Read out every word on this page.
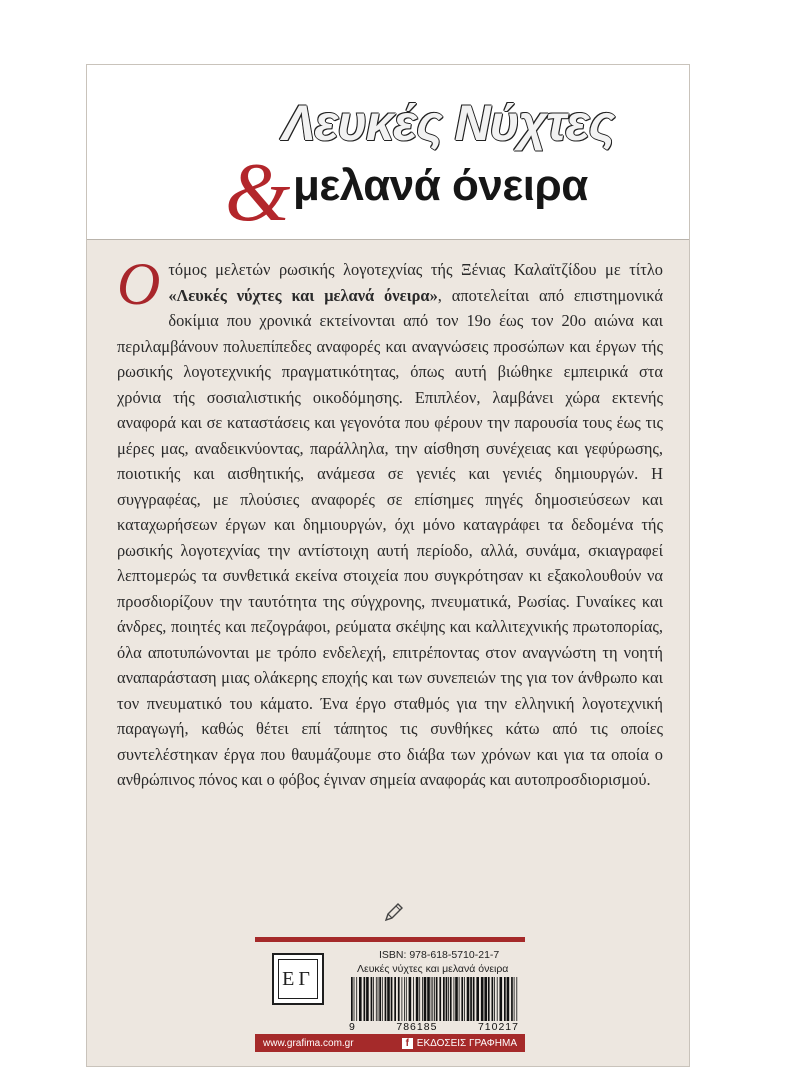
&
Λευκές Νύχτες
μελανά όνειρα

Ο τόμος μελετών ρωσικής λογοτεχνίας τής Ξένιας Καλαϊτζίδου με τίτλο «Λευκές νύχτες και μελανά όνειρα», αποτελείται από επιστημονικά δοκίμια που χρονικά εκτείνονται από τον 19ο έως τον 20ο αιώνα και περιλαμβάνουν πολυεπίπεδες αναφορές και αναγνώσεις προσώπων και έργων τής ρωσικής λογοτεχνικής πραγματικότητας, όπως αυτή βιώθηκε εμπειρικά στα χρόνια τής σοσιαλιστικής οικοδόμησης. Επιπλέον, λαμβάνει χώρα εκτενής αναφορά και σε καταστάσεις και γεγονότα που φέρουν την παρουσία τους έως τις μέρες μας, αναδεικνύοντας, παράλληλα, την αίσθηση συνέχειας και γεφύρωσης, ποιοτικής και αισθητικής, ανάμεσα σε γενιές και γενιές δημιουργών. Η συγγραφέας, με πλούσιες αναφορές σε επίσημες πηγές δημοσιεύσεων και καταχωρήσεων έργων και δημιουργών, όχι μόνο καταγράφει τα δεδομένα τής ρωσικής λογοτεχνίας την αντίστοιχη αυτή περίοδο, αλλά, συνάμα, σκιαγραφεί λεπτομερώς τα συνθετικά εκείνα στοιχεία που συγκρότησαν κι εξακολουθούν να προσδιορίζουν την ταυτότητα της σύγχρονης, πνευματικά, Ρωσίας. Γυναίκες και άνδρες, ποιητές και πεζογράφοι, ρεύματα σκέψης και καλλιτεχνικής πρωτοπορίας, όλα αποτυπώνονται με τρόπο ενδελεχή, επιτρέποντας στον αναγνώστη τη νοητή αναπαράσταση μιας ολάκερης εποχής και των συνεπειών της για τον άνθρωπο και τον πνευματικό του κάματο. Ένα έργο σταθμός για την ελληνική λογοτεχνική παραγωγή, καθώς θέτει επί τάπητος τις συνθήκες κάτω από τις οποίες συντελέστηκαν έργα που θαυμάζουμε στο διάβα των χρόνων και για τα οποία ο ανθρώπινος πόνος και ο φόβος έγιναν σημεία αναφοράς και αυτοπροσδιορισμού.

ΕΓ
ISBN: 978-618-5710-21-7
Λευκές νύχτες και μελανά όνειρα
9	786185	710217
www.grafima.com.gr	f ΕΚΔΟΣΕΙΣ ΓΡΑΦΗΜΑ
